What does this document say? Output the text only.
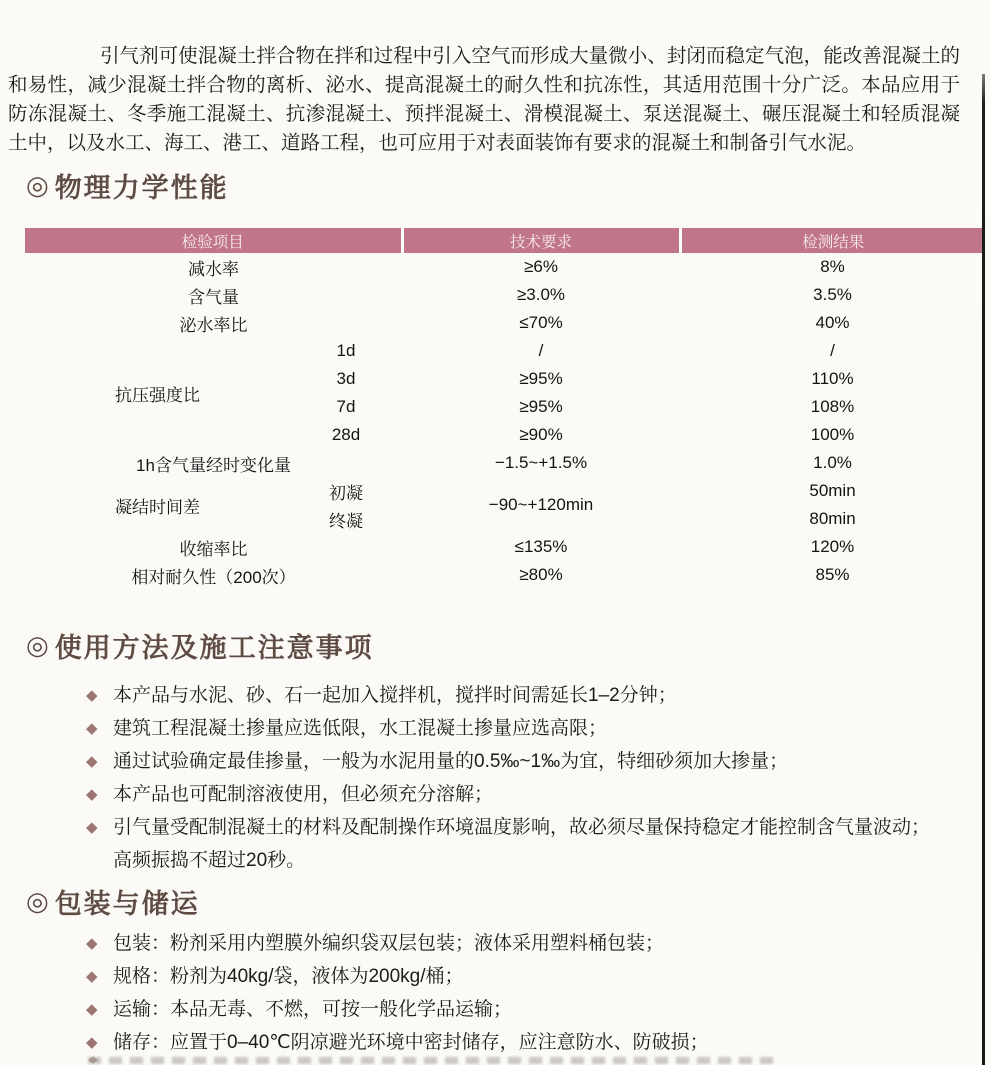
引气剂可使混凝土拌合物在拌和过程中引入空气而形成大量微小、封闭而稳定气泡，能改善混凝土的和易性，减少混凝土拌合物的离析、泌水、提高混凝土的耐久性和抗冻性，其适用范围十分广泛。本品应用于防冻混凝土、冬季施工混凝土、抗渗混凝土、预拌混凝土、滑模混凝土、泵送混凝土、碾压混凝土和轻质混凝土中，以及水工、海工、港工、道路工程，也可应用于对表面装饰有要求的混凝土和制备引气水泥。

◎ 物理力学性能
检验项目		技术要求	检测结果
减水率		≥6%	8%
含气量		≥3.0%	3.5%
泌水率比		≤70%	40%
抗压强度比	1d	/	/
	3d	≥95%	110%
	7d	≥95%	108%
	28d	≥90%	100%
1h含气量经时变化量		−1.5~+1.5%	1.0%
凝结时间差	初凝	−90~+120min	50min
	终凝		80min
收缩率比		≤135%	120%
相对耐久性（200次）		≥80%	85%
◎ 使用方法及施工注意事项
◆ 本产品与水泥、砂、石一起加入搅拌机，搅拌时间需延长1–2分钟；
◆ 建筑工程混凝土掺量应选低限，水工混凝土掺量应选高限；
◆ 通过试验确定最佳掺量，一般为水泥用量的0.5‰~1‰为宜，特细砂须加大掺量；
◆ 本产品也可配制溶液使用，但必须充分溶解；
◆ 引气量受配制混凝土的材料及配制操作环境温度影响，故必须尽量保持稳定才能控制含气量波动；
高频振捣不超过20秒。
◎ 包装与储运
◆ 包装：粉剂采用内塑膜外编织袋双层包装；液体采用塑料桶包装；
◆ 规格：粉剂为40kg/袋，液体为200kg/桶；
◆ 运输：本品无毒、不燃，可按一般化学品运输；
◆ 储存：应置于0–40℃阴凉避光环境中密封储存，应注意防水、防破损；
